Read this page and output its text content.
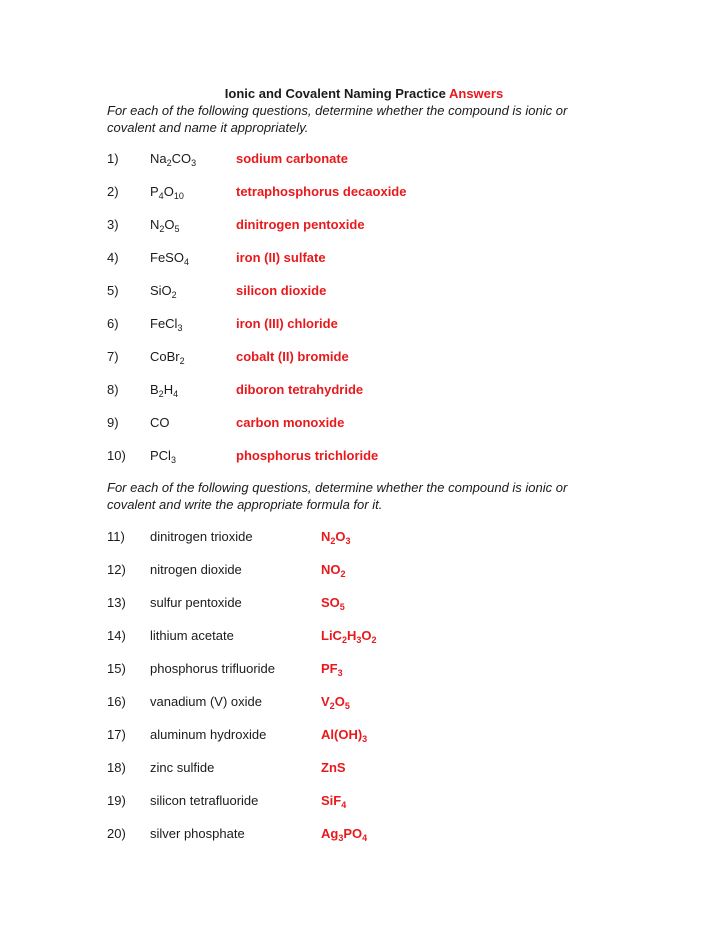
Ionic and Covalent Naming Practice Answers
For each of the following questions, determine whether the compound is ionic or
covalent and name it appropriately.
1)	$Na_2CO_3$	sodium carbonate
2)	$P_4O_{10}$	tetraphosphorus decaoxide
3)	$N_2O_5$	dinitrogen pentoxide
4)	FeSO$_4$	iron (II) sulfate
5)	SiO$_2$	silicon dioxide
6)	FeCl$_3$	iron (III) chloride
7)	CoBr$_2$	cobalt (II) bromide
8)	$B_2H_4$	diboron tetrahydride
9)	CO	carbon monoxide
10)	PCl$_3$	phosphorus trichloride
For each of the following questions, determine whether the compound is ionic or
covalent and write the appropriate formula for it.
11)	dinitrogen trioxide	$N_2O_3$
12)	nitrogen dioxide	$NO_2$
13)	sulfur pentoxide	$SO_5$
14)	lithium acetate	$LiC_2H_3O_2$
15)	phosphorus trifluoride	$PF_3$
16)	vanadium (V) oxide	$V_2O_5$
17)	aluminum hydroxide	$Al(OH)_3$
18)	zinc sulfide	ZnS
19)	silicon tetrafluoride	SiF$_4$
20)	silver phosphate	$Ag_3PO_4$
